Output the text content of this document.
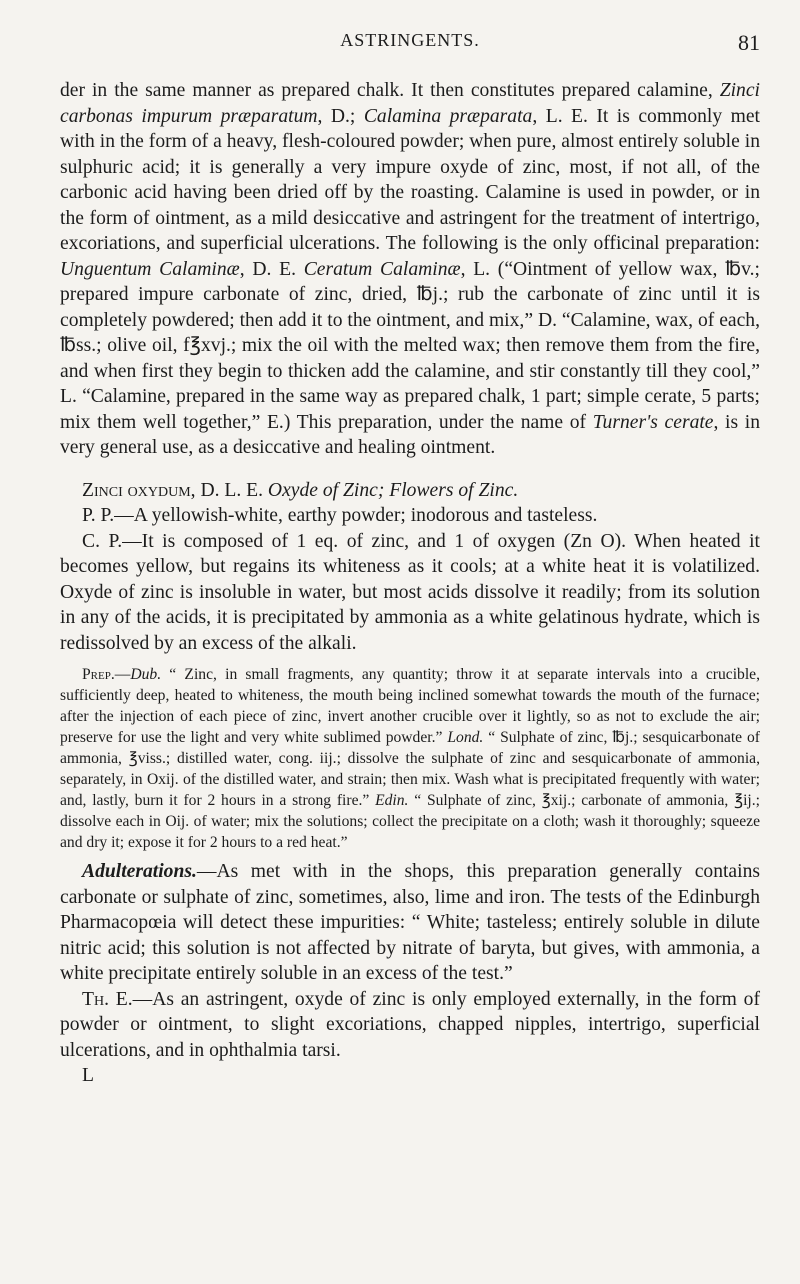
ASTRINGENTS.	81

der in the same manner as prepared chalk. It then constitutes prepared calamine, Zinci carbonas impurum præparatum, D.; Calamina præparata, L. E. It is commonly met with in the form of a heavy, flesh-coloured powder; when pure, almost entirely soluble in sulphuric acid; it is generally a very impure oxyde of zinc, most, if not all, of the carbonic acid having been dried off by the roasting. Calamine is used in powder, or in the form of ointment, as a mild desiccative and astringent for the treatment of intertrigo, excoriations, and superficial ulcerations. The following is the only officinal preparation: Unguentum Calaminæ, D. E. Ceratum Calaminæ, L. (“Ointment of yellow wax, ℔v.; prepared impure carbonate of zinc, dried, ℔j.; rub the carbonate of zinc until it is completely powdered; then add it to the ointment, and mix,” D. “Calamine, wax, of each, ℔ss.; olive oil, f℥xvj.; mix the oil with the melted wax; then remove them from the fire, and when first they begin to thicken add the calamine, and stir constantly till they cool,” L. “Calamine, prepared in the same way as prepared chalk, 1 part; simple cerate, 5 parts; mix them well together,” E.) This preparation, under the name of Turner's cerate, is in very general use, as a desiccative and healing ointment.

Zinci oxydum, D. L. E. Oxyde of Zinc; Flowers of Zinc.

P. P.—A yellowish-white, earthy powder; inodorous and tasteless.

C. P.—It is composed of 1 eq. of zinc, and 1 of oxygen (Zn O). When heated it becomes yellow, but regains its whiteness as it cools; at a white heat it is volatilized. Oxyde of zinc is insoluble in water, but most acids dissolve it readily; from its solution in any of the acids, it is precipitated by ammonia as a white gelatinous hydrate, which is redissolved by an excess of the alkali.

Prep.—Dub. “ Zinc, in small fragments, any quantity; throw it at separate intervals into a crucible, sufficiently deep, heated to whiteness, the mouth being inclined somewhat towards the mouth of the furnace; after the injection of each piece of zinc, invert another crucible over it lightly, so as not to exclude the air; preserve for use the light and very white sublimed powder.” Lond. “ Sulphate of zinc, ℔j.; sesquicarbonate of ammonia, ℥viss.; distilled water, cong. iij.; dissolve the sulphate of zinc and sesquicarbonate of ammonia, separately, in Oxij. of the distilled water, and strain; then mix. Wash what is precipitated frequently with water; and, lastly, burn it for 2 hours in a strong fire.” Edin. “ Sulphate of zinc, ℥xij.; carbonate of ammonia, ℥ij.; dissolve each in Oij. of water; mix the solutions; collect the precipitate on a cloth; wash it thoroughly; squeeze and dry it; expose it for 2 hours to a red heat.”

Adulterations.—As met with in the shops, this preparation generally contains carbonate or sulphate of zinc, sometimes, also, lime and iron. The tests of the Edinburgh Pharmacopœia will detect these impurities: “ White; tasteless; entirely soluble in dilute nitric acid; this solution is not affected by nitrate of baryta, but gives, with ammonia, a white precipitate entirely soluble in an excess of the test.”

Th. E.—As an astringent, oxyde of zinc is only employed externally, in the form of powder or ointment, to slight excoriations, chapped nipples, intertrigo, superficial ulcerations, and in ophthalmia tarsi.

L
